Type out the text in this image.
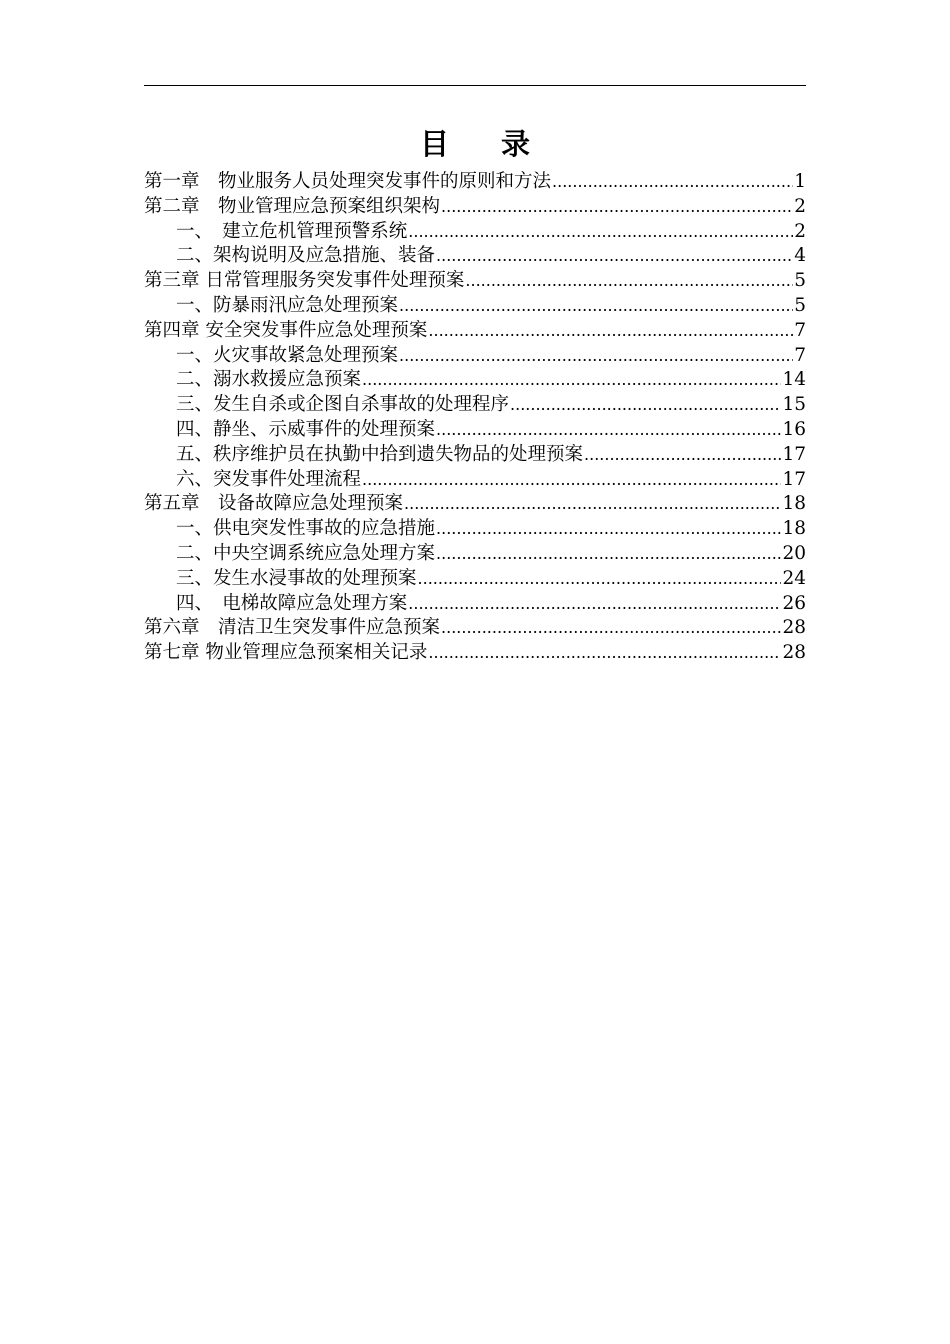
目 录
第一章　物业服务人员处理突发事件的原则和方法 .....	1
第二章　物业管理应急预案组织架构 .....	2
一、　建立危机管理预警系统 .....	2
二、架构说明及应急措施、装备 .....	4
第三章 日常管理服务突发事件处理预案 .....	5
一、防暴雨汛应急处理预案 .....	5
第四章 安全突发事件应急处理预案 .....	7
一、火灾事故紧急处理预案 .....	7
二、溺水救援应急预案 .....	14
三、发生自杀或企图自杀事故的处理程序 .....	15
四、静坐、示威事件的处理预案 .....	16
五、秩序维护员在执勤中拾到遗失物品的处理预案 .....	17
六、突发事件处理流程 .....	17
第五章　设备故障应急处理预案 .....	18
一、供电突发性事故的应急措施 .....	18
二、中央空调系统应急处理方案 .....	20
三、发生水浸事故的处理预案 .....	24
四、　电梯故障应急处理方案 .....	26
第六章　清洁卫生突发事件应急预案 .....	28
第七章 物业管理应急预案相关记录 .....	28
